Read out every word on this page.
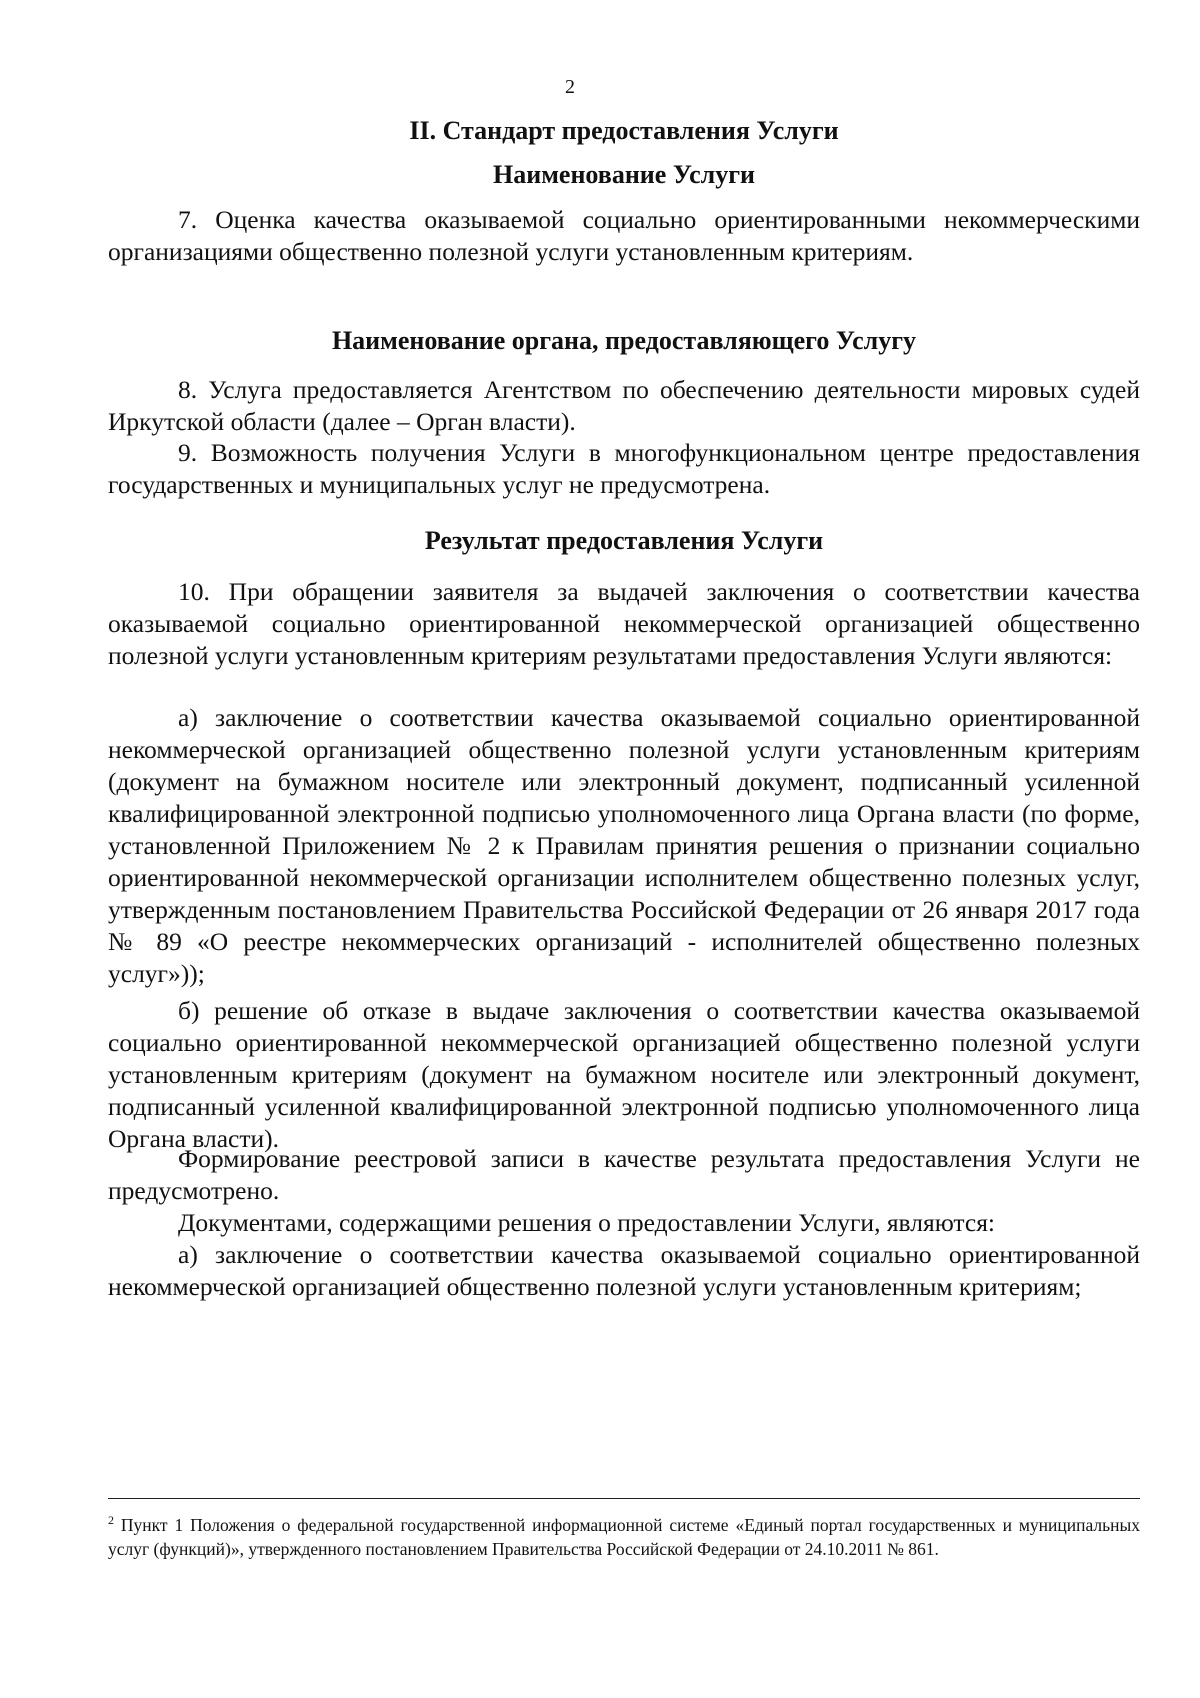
2
II. Стандарт предоставления Услуги
Наименование Услуги

7. Оценка качества оказываемой социально ориентированными некоммерческими организациями общественно полезной услуги установленным критериям.

Наименование органа, предоставляющего Услугу

8. Услуга предоставляется Агентством по обеспечению деятельности мировых судей Иркутской области (далее – Орган власти).

9. Возможность получения Услуги в многофункциональном центре предоставления государственных и муниципальных услуг не предусмотрена.

Результат предоставления Услуги

10. При обращении заявителя за выдачей заключения о соответствии качества оказываемой социально ориентированной некоммерческой организацией общественно полезной услуги установленным критериям результатами предоставления Услуги являются:

а) заключение о соответствии качества оказываемой социально ориентированной некоммерческой организацией общественно полезной услуги установленным критериям (документ на бумажном носителе или электронный документ, подписанный усиленной квалифицированной электронной подписью уполномоченного лица Органа власти (по форме, установленной Приложением № 2 к Правилам принятия решения о признании социально ориентированной некоммерческой организации исполнителем общественно полезных услуг, утвержденным постановлением Правительства Российской Федерации от 26 января 2017 года № 89 «О реестре некоммерческих организаций - исполнителей общественно полезных услуг»));

б) решение об отказе в выдаче заключения о соответствии качества оказываемой социально ориентированной некоммерческой организацией общественно полезной услуги установленным критериям (документ на бумажном носителе или электронный документ, подписанный усиленной квалифицированной электронной подписью уполномоченного лица Органа власти).

Формирование реестровой записи в качестве результата предоставления Услуги не предусмотрено.

Документами, содержащими решения о предоставлении Услуги, являются:

а) заключение о соответствии качества оказываемой социально ориентированной некоммерческой организацией общественно полезной услуги установленным критериям;

$^2$ Пункт 1 Положения о федеральной государственной информационной системе «Единый портал государственных и муниципальных услуг (функций)», утвержденного постановлением Правительства Российской Федерации от 24.10.2011 № 861.
